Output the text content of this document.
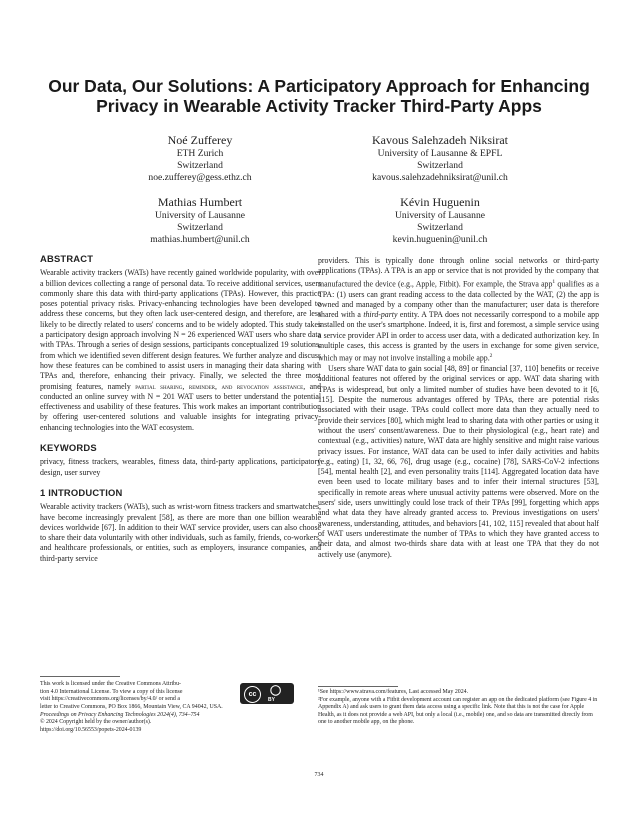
Our Data, Our Solutions: A Participatory Approach for Enhancing
Privacy in Wearable Activity Tracker Third-Party Apps
Noé Zufferey
ETH Zurich
Switzerland
noe.zufferey@gess.ethz.ch
Kavous Salehzadeh Niksirat
University of Lausanne & EPFL
Switzerland
kavous.salehzadehniksirat@unil.ch
Mathias Humbert
University of Lausanne
Switzerland
mathias.humbert@unil.ch
Kévin Huguenin
University of Lausanne
Switzerland
kevin.huguenin@unil.ch
ABSTRACT

Wearable activity trackers (WATs) have recently gained worldwide popularity, with over a billion devices collecting a range of personal data. To receive additional services, users commonly share this data with third-party applications (TPAs). However, this practice poses potential privacy risks. Privacy-enhancing technologies have been developed to address these concerns, but they often lack user-centered design, and therefore, are less likely to be directly related to users' concerns and to be widely adopted. This study takes a participatory design approach involving N = 26 experienced WAT users who share data with TPAs. Through a series of design sessions, participants conceptualized 19 solutions, from which we identified seven different design features. We further analyze and discuss how these features can be combined to assist users in managing their data sharing with TPAs and, therefore, enhancing their privacy. Finally, we selected the three most promising features, namely partial sharing, reminder, and revocation assistance, and conducted an online survey with N = 201 WAT users to better understand the potential effectiveness and usability of these features. This work makes an important contribution by offering user-centered solutions and valuable insights for integrating privacy-enhancing technologies into the WAT ecosystem.

KEYWORDS

privacy, fitness trackers, wearables, fitness data, third-party applications, participatory design, user survey

1 INTRODUCTION

Wearable activity trackers (WATs), such as wrist-worn fitness trackers and smartwatches, have become increasingly prevalent [58], as there are more than one billion wearable devices worldwide [67]. In addition to their WAT service provider, users can also choose to share their data voluntarily with other individuals, such as family, friends, co-workers, and healthcare professionals, or entities, such as employers, insurance companies, and third-party service

providers. This is typically done through online social networks or third-party applications (TPAs). A TPA is an app or service that is not provided by the company that manufactured the device (e.g., Apple, Fitbit). For example, the Strava app$^1$ qualifies as a TPA: (1) users can grant reading access to the data collected by the WAT, (2) the app is owned and managed by a company other than the manufacturer; user data is therefore shared with a third-party entity. A TPA does not necessarily correspond to a mobile app installed on the user's smartphone. Indeed, it is, first and foremost, a simple service using a service provider API in order to access user data, with a dedicated authorization key. In multiple cases, this access is granted by the users in exchange for some given service, which may or may not involve installing a mobile app.$^2$

Users share WAT data to gain social [48, 89] or financial [37, 110] benefits or receive additional features not offered by the original services or app. WAT data sharing with TPAs is widespread, but only a limited number of studies have been devoted to it [6, 115]. Despite the numerous advantages offered by TPAs, there are potential risks associated with their usage. TPAs could collect more data than they actually need to provide their services [80], which might lead to sharing data with other parties or using it without the users' consent/awareness. Due to their physiological (e.g., heart rate) and contextual (e.g., activities) nature, WAT data are highly sensitive and might raise various privacy issues. For instance, WAT data can be used to infer daily activities and habits (e.g., eating) [1, 32, 66, 76], drug usage (e.g., cocaine) [78], SARS-CoV-2 infections [54], mental health [2], and even personality traits [114]. Aggregated location data have even been used to locate military bases and to infer their internal structures [53], specifically in remote areas where unusual activity patterns were observed. More on the users' side, users unwittingly could lose track of their TPAs [99], forgetting which apps and what data they have already granted access to. Previous investigations on users' awareness, understanding, attitudes, and behaviors [41, 102, 115] revealed that about half of WAT users underestimate the number of TPAs to which they have granted access to their data, and almost two-thirds share data with at least one TPA that they do not actively use (anymore).

This work is licensed under the Creative Commons Attribu-
tion 4.0 International License. To view a copy of this license
visit https://creativecommons.org/licenses/by/4.0/ or send a
cc	◯
BY
letter to Creative Commons, PO Box 1866, Mountain View, CA 94042, USA.
Proceedings on Privacy Enhancing Technologies 2024(4), 734–754
© 2024 Copyright held by the owner/author(s).
https://doi.org/10.56553/popets-2024-0139
¹See https://www.strava.com/features, Last accessed May 2024.
²For example, anyone with a Fitbit development account can register an app on the dedicated platform (see Figure 4 in Appendix A) and ask users to grant them data access using a specific link. Note that this is not the case for Apple Health, as it does not provide a web API, but only a local (i.e., mobile) one, and so data are transmitted directly from one to another mobile app, on the phone.
734
